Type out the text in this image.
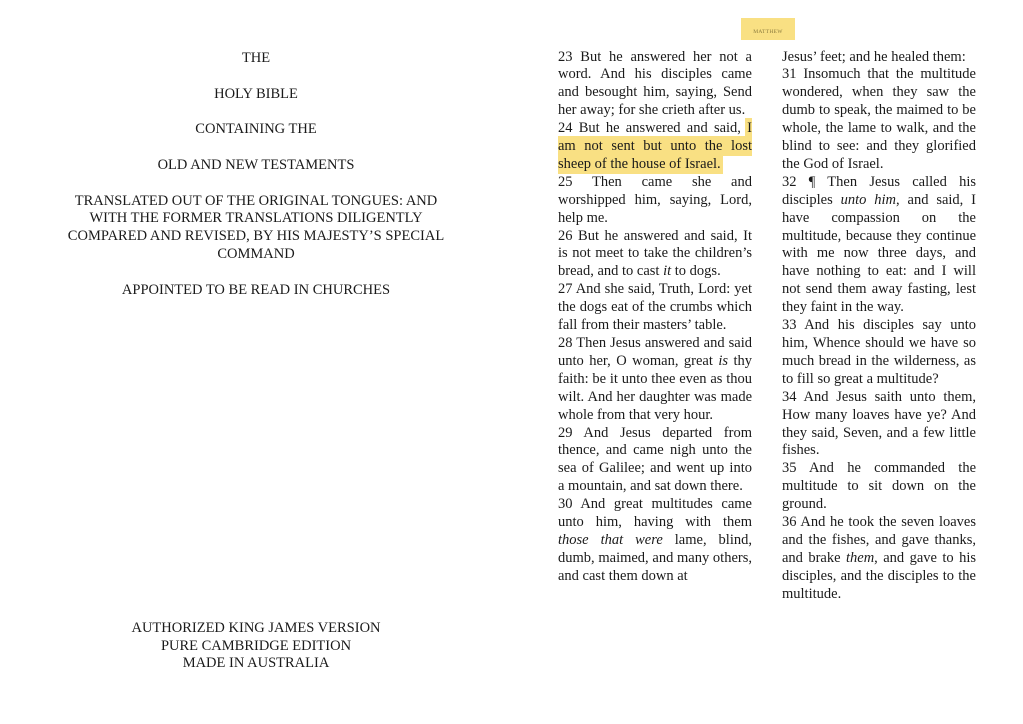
THE
HOLY BIBLE
CONTAINING THE
OLD AND NEW TESTAMENTS
TRANSLATED OUT OF THE ORIGINAL TONGUES: AND
WITH THE FORMER TRANSLATIONS DILIGENTLY
COMPARED AND REVISED, BY HIS MAJESTY’S SPECIAL
COMMAND
APPOINTED TO BE READ IN CHURCHES
AUTHORIZED KING JAMES VERSION
PURE CAMBRIDGE EDITION
MADE IN AUSTRALIA
MATTHEW
23 But he answered her not a word. And his disciples came and besought him, saying, Send her away; for she crieth after us.
24 But he answered and said, I am not sent but unto the lost sheep of the house of Israel.
25 Then came she and worshipped him, saying, Lord, help me.
26 But he answered and said, It is not meet to take the children’s bread, and to cast it to dogs.
27 And she said, Truth, Lord: yet the dogs eat of the crumbs which fall from their masters’ table.
28 Then Jesus answered and said unto her, O woman, great is thy faith: be it unto thee even as thou wilt. And her daughter was made whole from that very hour.
29 And Jesus departed from thence, and came nigh unto the sea of Galilee; and went up into a mountain, and sat down there.
30 And great multitudes came unto him, having with them those that were lame, blind, dumb, maimed, and many others, and cast them down at
Jesus’ feet; and he healed them:
31 Insomuch that the multitude wondered, when they saw the dumb to speak, the maimed to be whole, the lame to walk, and the blind to see: and they glorified the God of Israel.
32 ¶ Then Jesus called his disciples unto him, and said, I have compassion on the multitude, because they continue with me now three days, and have nothing to eat: and I will not send them away fasting, lest they faint in the way.
33 And his disciples say unto him, Whence should we have so much bread in the wilderness, as to fill so great a multitude?
34 And Jesus saith unto them, How many loaves have ye? And they said, Seven, and a few little fishes.
35 And he commanded the multitude to sit down on the ground.
36 And he took the seven loaves and the fishes, and gave thanks, and brake them, and gave to his disciples, and the disciples to the multitude.
